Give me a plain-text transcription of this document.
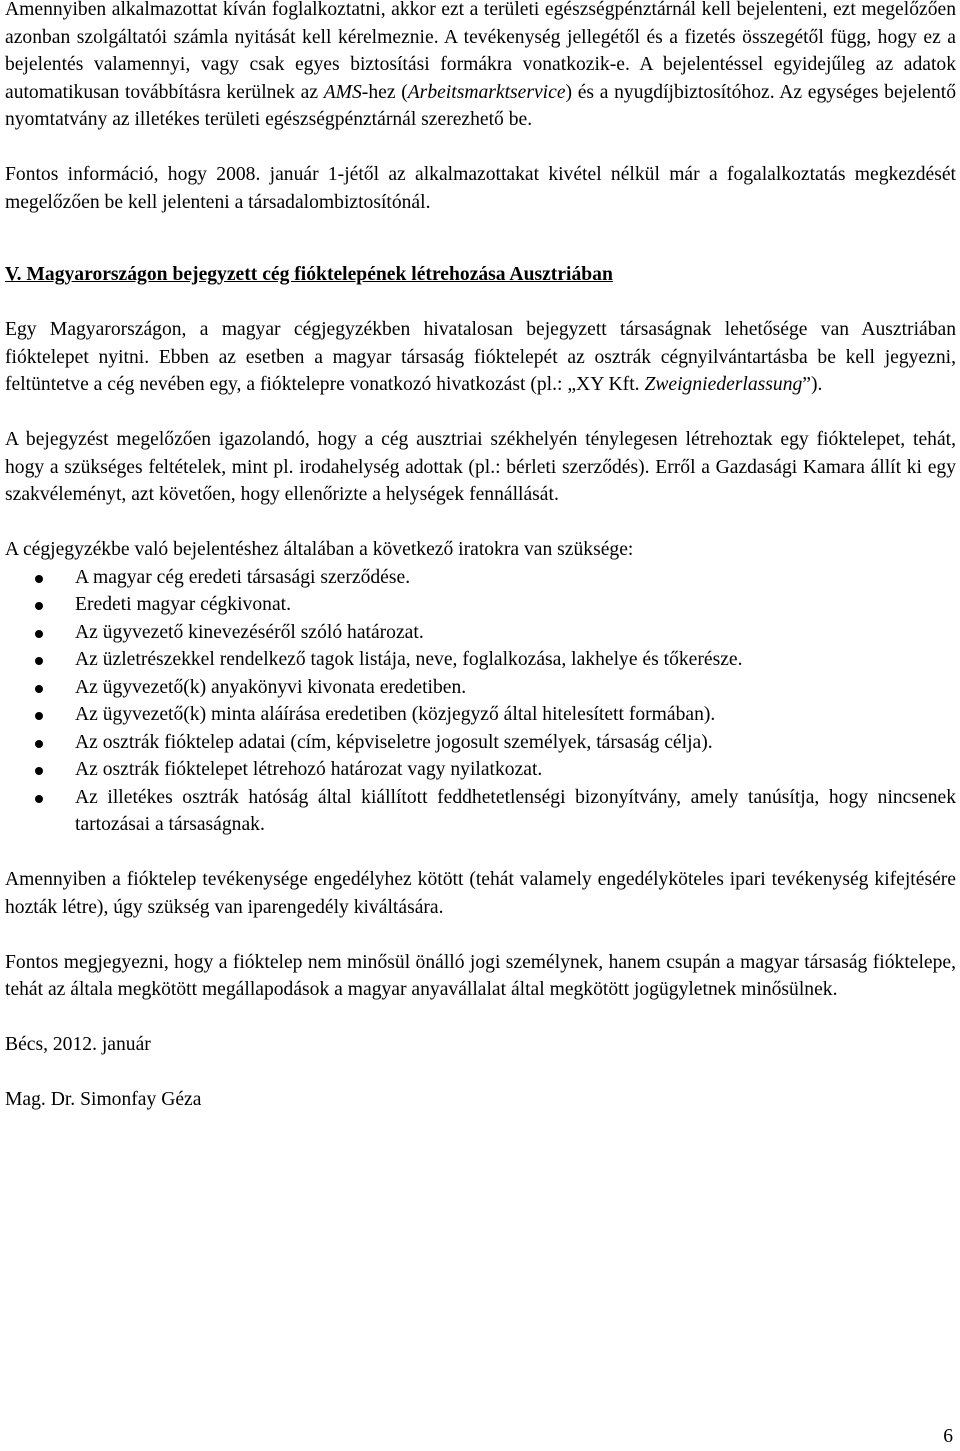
Amennyiben alkalmazottat kíván foglalkoztatni, akkor ezt a területi egészségpénztárnál kell bejelenteni, ezt megelőzően azonban szolgáltatói számla nyitását kell kérelmeznie. A tevékenység jellegétől és a fizetés összegétől függ, hogy ez a bejelentés valamennyi, vagy csak egyes biztosítási formákra vonatkozik-e. A bejelentéssel egyidejűleg az adatok automatikusan továbbításra kerülnek az AMS-hez (Arbeitsmarktservice) és a nyugdíjbiztosítóhoz. Az egységes bejelentő nyomtatvány az illetékes területi egészségpénztárnál szerezhető be.

Fontos információ, hogy 2008. január 1-jétől az alkalmazottakat kivétel nélkül már a fogalalkoztatás megkezdését megelőzően be kell jelenteni a társadalombiztosítónál.

V. Magyarországon bejegyzett cég fióktelepének létrehozása Ausztriában

Egy Magyarországon, a magyar cégjegyzékben hivatalosan bejegyzett társaságnak lehetősége van Ausztriában fióktelepet nyitni. Ebben az esetben a magyar társaság fióktelepét az osztrák cégnyilvántartásba be kell jegyezni, feltüntetve a cég nevében egy, a fióktelepre vonatkozó hivatkozást (pl.: „XY Kft. Zweigniederlassung”).

A bejegyzést megelőzően igazolandó, hogy a cég ausztriai székhelyén ténylegesen létrehoztak egy fióktelepet, tehát, hogy a szükséges feltételek, mint pl. irodahelység adottak (pl.: bérleti szerződés). Erről a Gazdasági Kamara állít ki egy szakvéleményt, azt követően, hogy ellenőrizte a helységek fennállását.

A cégjegyzékbe való bejelentéshez általában a következő iratokra van szüksége:

A magyar cég eredeti társasági szerződése.
Eredeti magyar cégkivonat.
Az ügyvezető kinevezéséről szóló határozat.
Az üzletrészekkel rendelkező tagok listája, neve, foglalkozása, lakhelye és tőkerésze.
Az ügyvezető(k) anyakönyvi kivonata eredetiben.
Az ügyvezető(k) minta aláírása eredetiben (közjegyző által hitelesített formában).
Az osztrák fióktelep adatai (cím, képviseletre jogosult személyek, társaság célja).
Az osztrák fióktelepet létrehozó határozat vagy nyilatkozat.
Az illetékes osztrák hatóság által kiállított feddhetetlenségi bizonyítvány, amely tanúsítja, hogy nincsenek tartozásai a társaságnak.

Amennyiben a fióktelep tevékenysége engedélyhez kötött (tehát valamely engedélyköteles ipari tevékenység kifejtésére hozták létre), úgy szükség van iparengedély kiváltására.

Fontos megjegyezni, hogy a fióktelep nem minősül önálló jogi személynek, hanem csupán a magyar társaság fióktelepe, tehát az általa megkötött megállapodások a magyar anyavállalat által megkötött jogügyletnek minősülnek.

Bécs, 2012. január

Mag. Dr. Simonfay Géza

6
